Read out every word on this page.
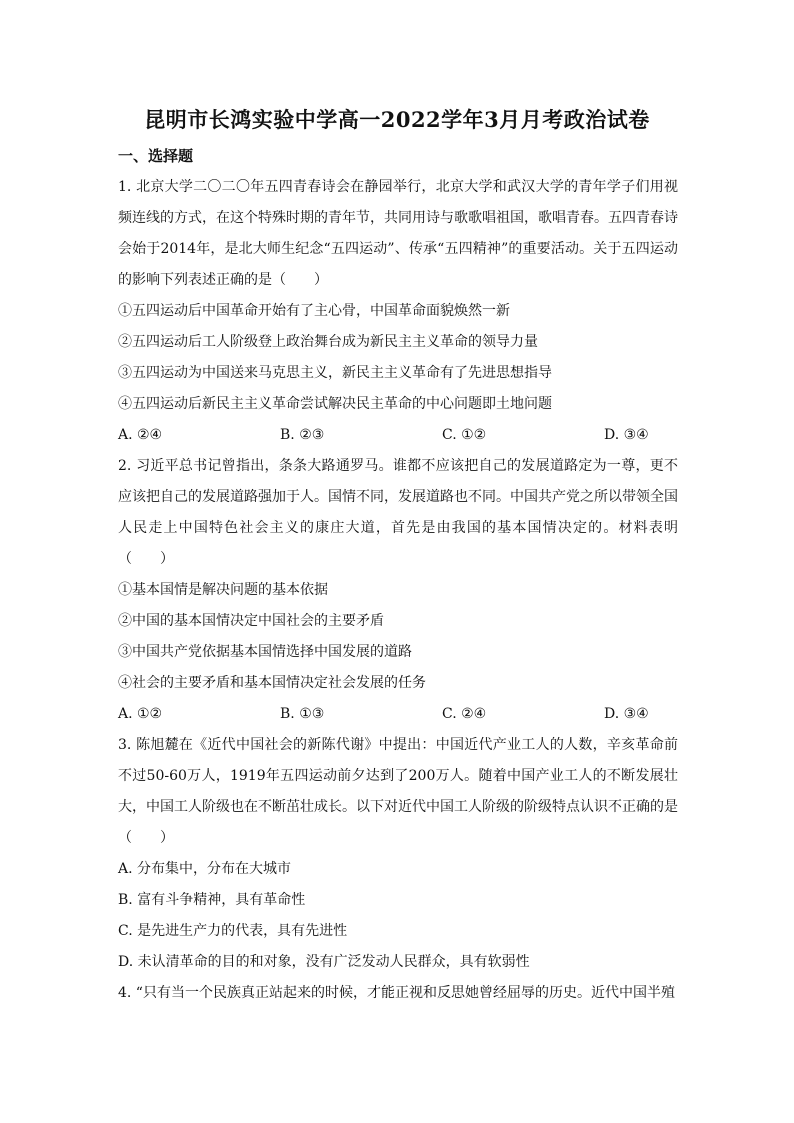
昆明市长鸿实验中学高一2022学年3月月考政治试卷
一、选择题
1. 北京大学二〇二〇年五四青春诗会在静园举行，北京大学和武汉大学的青年学子们用视频连线的方式，在这个特殊时期的青年节，共同用诗与歌歌唱祖国，歌唱青春。五四青春诗会始于2014年，是北大师生纪念“五四运动”、传承“五四精神”的重要活动。关于五四运动的影响下列表述正确的是（　　）
①五四运动后中国革命开始有了主心骨，中国革命面貌焕然一新
②五四运动后工人阶级登上政治舞台成为新民主主义革命的领导力量
③五四运动为中国送来马克思主义，新民主主义革命有了先进思想指导
④五四运动后新民主主义革命尝试解决民主革命的中心问题即土地问题
A. ②④	B. ②③	C. ①②	D. ③④
2. 习近平总书记曾指出，条条大路通罗马。谁都不应该把自己的发展道路定为一尊，更不应该把自己的发展道路强加于人。国情不同，发展道路也不同。中国共产党之所以带领全国人民走上中国特色社会主义的康庄大道，首先是由我国的基本国情决定的。材料表明（　　）
①基本国情是解决问题的基本依据
②中国的基本国情决定中国社会的主要矛盾
③中国共产党依据基本国情选择中国发展的道路
④社会的主要矛盾和基本国情决定社会发展的任务
A. ①②	B. ①③	C. ②④	D. ③④
3. 陈旭麓在《近代中国社会的新陈代谢》中提出：中国近代产业工人的人数，辛亥革命前不过50-60万人，1919年五四运动前夕达到了200万人。随着中国产业工人的不断发展壮大，中国工人阶级也在不断茁壮成长。以下对近代中国工人阶级的阶级特点认识不正确的是（　　）
A. 分布集中，分布在大城市
B. 富有斗争精神，具有革命性
C. 是先进生产力的代表，具有先进性
D. 未认清革命的目的和对象，没有广泛发动人民群众，具有软弱性
4. “只有当一个民族真正站起来的时候，才能正视和反思她曾经屈辱的历史。近代中国半殖
